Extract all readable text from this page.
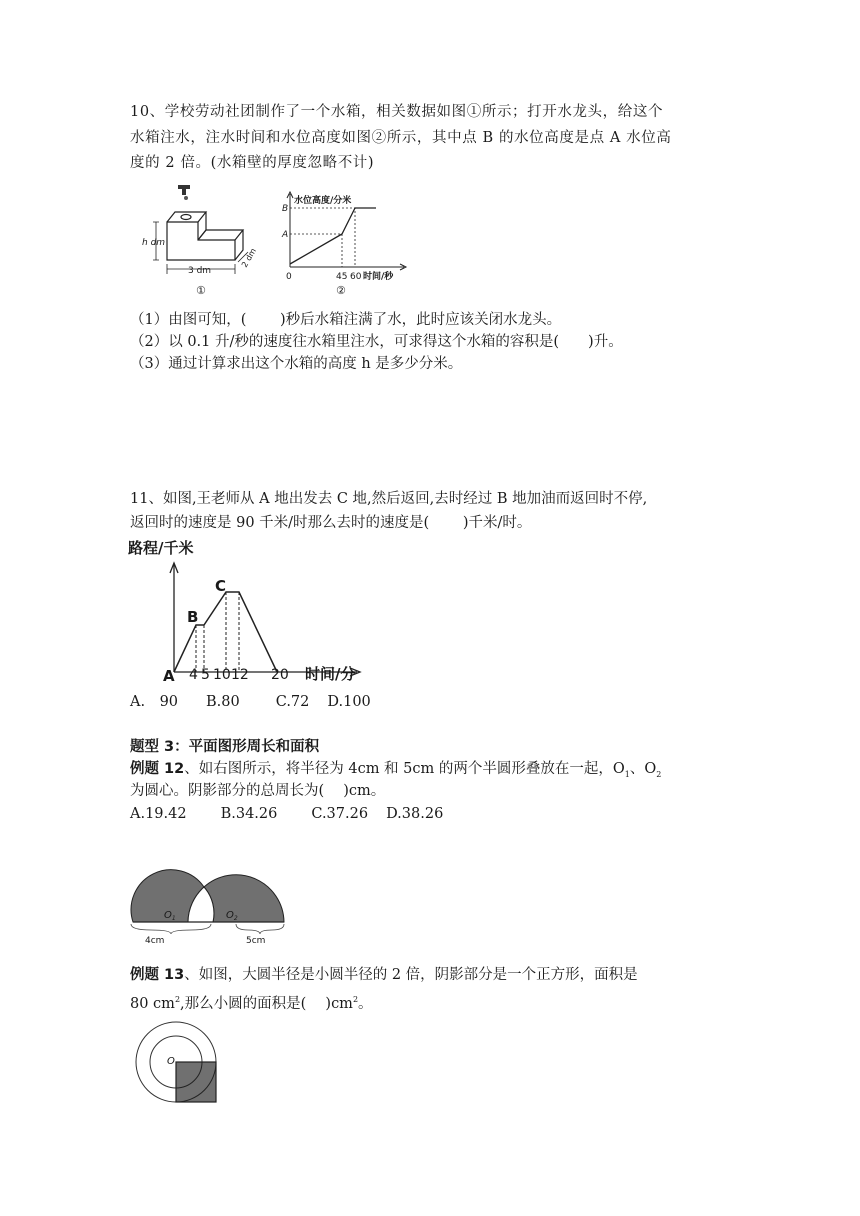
10、学校劳动社团制作了一个水箱，相关数据如图①所示；打开水龙头，给这个
水箱注水，注水时间和水位高度如图②所示，其中点 B 的水位高度是点 A 水位高
度的 2 倍。(水箱壁的厚度忽略不计)
h dm
3 dm
2 dm
①
水位高度/分米
B
A
0	45 60 时间/秒
②
（1）由图可知，(　 　)秒后水箱注满了水，此时应该关闭水龙头。
（2）以 0.1 升/秒的速度往水箱里注水，可求得这个水箱的容积是(　　)升。
（3）通过计算求出这个水箱的高度 h 是多少分米。
11、如图,王老师从 A 地出发去 C 地,然后返回,去时经过 B 地加油而返回时不停,
返回时的速度是 90 千米/时那么去时的速度是(　　 )千米/时。
路程/千米
A
B
C
4 5 10 12 20 时间/分
A.　90 B.80 C.72 D.100
题型 3：平面图形周长和面积
例题 12、如右图所示，将半径为 4cm 和 5cm 的两个半圆形叠放在一起，$O_1$、$O_2$
为圆心。阴影部分的总周长为(　 )cm。
A.19.42 B.34.26 C.37.26 D.38.26
$O_1$	$O_2$
4cm	5cm
例题 13、如图，大圆半径是小圆半径的 2 倍，阴影部分是一个正方形，面积是
80 $cm^2$,那么小圆的面积是(　 )$cm^2$。
O
